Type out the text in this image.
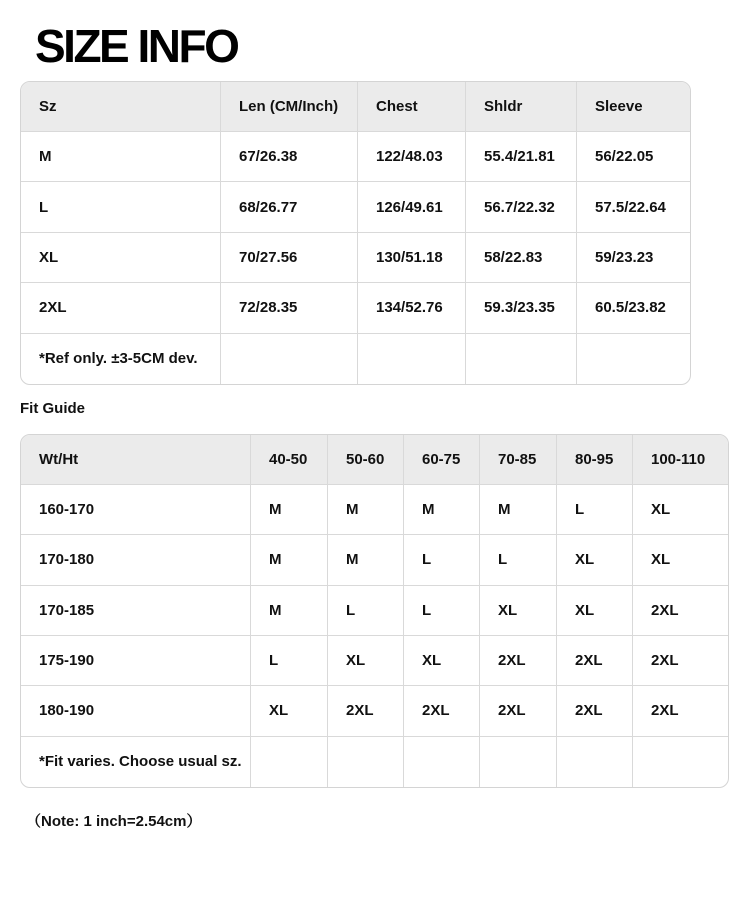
SIZE INFO
Sz	Len (CM/Inch)	Chest	Shldr	Sleeve
M	67/26.38	122/48.03	55.4/21.81	56/22.05
L	68/26.77	126/49.61	56.7/22.32	57.5/22.64
XL	70/27.56	130/51.18	58/22.83	59/23.23
2XL	72/28.35	134/52.76	59.3/23.35	60.5/23.82
*Ref only. ±3-5CM dev.				
Fit Guide
Wt/Ht	40-50	50-60	60-75	70-85	80-95	100-110
160-170	M	M	M	M	L	XL
170-180	M	M	L	L	XL	XL
170-185	M	L	L	XL	XL	2XL
175-190	L	XL	XL	2XL	2XL	2XL
180-190	XL	2XL	2XL	2XL	2XL	2XL
*Fit varies. Choose usual sz.						
（Note: 1 inch=2.54cm）
